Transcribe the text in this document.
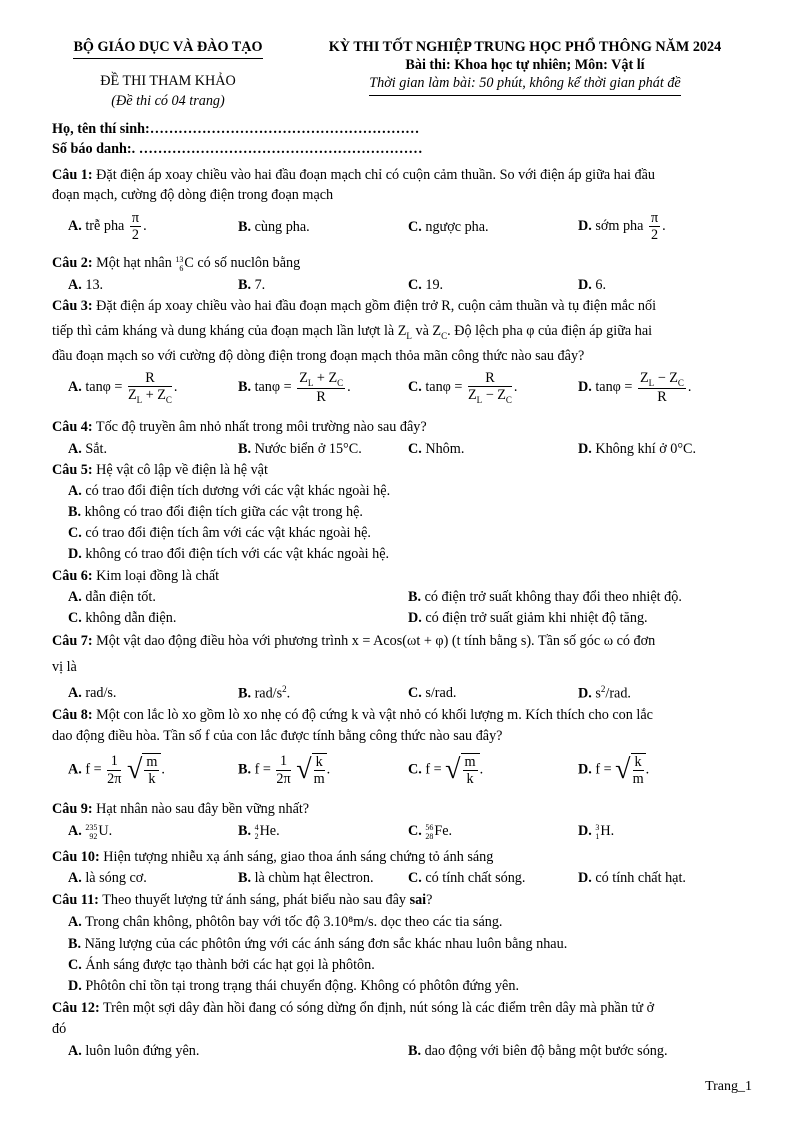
BỘ GIÁO DỤC VÀ ĐÀO TẠO
ĐỀ THI THAM KHẢO
(Đề thi có 04 trang)
KỲ THI TỐT NGHIỆP TRUNG HỌC PHỔ THÔNG NĂM 2024
Bài thi: Khoa học tự nhiên; Môn: Vật lí
Thời gian làm bài: 50 phút, không kể thời gian phát đề
Họ, tên thí sinh:…………………………………………………
Số báo danh:. ……………………………………………………
Câu 1: Đặt điện áp xoay chiều vào hai đầu đoạn mạch chỉ có cuộn cảm thuần. So với điện áp giữa hai đầu
đoạn mạch, cường độ dòng điện trong đoạn mạch
A. trễ pha $\frac{\pi}{2}$ .	B. cùng pha.	C. ngược pha.	D. sớm pha $\frac{\pi}{2}$ .
Câu 2: Một hạt nhân 13
6 C có số nuclôn bằng
A. 13.	B. 7.	C. 19.	D. 6.
Câu 3: Đặt điện áp xoay chiều vào hai đầu đoạn mạch gồm điện trở R, cuộn cảm thuần và tụ điện mắc nối
tiếp thì cảm kháng và dung kháng của đoạn mạch lần lượt là $Z_L$ và $Z_C$. Độ lệch pha φ của điện áp giữa hai
đầu đoạn mạch so với cường độ dòng điện trong đoạn mạch thỏa mãn công thức nào sau đây?
A. $\tan\varphi = \frac{R}{Z_L + Z_C}$ .	B. $\tan\varphi = \frac{Z_L + Z_C}{R}$ .	C. $\tan\varphi = \frac{R}{Z_L - Z_C}$ .	D. $\tan\varphi = \frac{Z_L - Z_C}{R}$ .
Câu 4: Tốc độ truyền âm nhỏ nhất trong môi trường nào sau đây?
A. Sắt.	B. Nước biển ở 15°C.	C. Nhôm.	D. Không khí ở 0°C.
Câu 5: Hệ vật cô lập về điện là hệ vật
A. có trao đổi điện tích dương với các vật khác ngoài hệ.
B. không có trao đổi điện tích giữa các vật trong hệ.
C. có trao đổi điện tích âm với các vật khác ngoài hệ.
D. không có trao đổi điện tích với các vật khác ngoài hệ.
Câu 6: Kim loại đồng là chất
A. dẫn điện tốt.	B. có điện trở suất không thay đổi theo nhiệt độ.
C. không dẫn điện.	D. có điện trở suất giảm khi nhiệt độ tăng.
Câu 7: Một vật dao động điều hòa với phương trình x = Acos(ωt + φ) (t tính bằng s). Tần số góc ω có đơn
vị là
A. rad/s.	B. rad/$s^2$.	C. s/rad.	D. $s^2$/rad.
Câu 8: Một con lắc lò xo gồm lò xo nhẹ có độ cứng k và vật nhỏ có khối lượng m. Kích thích cho con lắc
dao động điều hòa. Tần số f của con lắc được tính bằng công thức nào sau đây?
A. $f = \frac{1}{2\pi}$ √ $\frac{m}{k}$ .	B. $f = \frac{1}{2\pi}$ √ $\frac{k}{m}$ .	C. f = √ $\frac{m}{k}$ .	D. f = √ $\frac{k}{m}$ .
Câu 9: Hạt nhân nào sau đây bền vững nhất?
A. 235
92 U.	B. 4
2 He.	C. 56
28 Fe.	D. 3
1 H.
Câu 10: Hiện tượng nhiễu xạ ánh sáng, giao thoa ánh sáng chứng tỏ ánh sáng
A. là sóng cơ.	B. là chùm hạt êlectron. C. có tính chất sóng.	D. có tính chất hạt.
Câu 11: Theo thuyết lượng tử ánh sáng, phát biểu nào sau đây sai?
A. Trong chân không, phôtôn bay với tốc độ 3.10⁸m/s. dọc theo các tia sáng.
B. Năng lượng của các phôtôn ứng với các ánh sáng đơn sắc khác nhau luôn bằng nhau.
C. Ánh sáng được tạo thành bởi các hạt gọi là phôtôn.
D. Phôtôn chỉ tồn tại trong trạng thái chuyển động. Không có phôtôn đứng yên.
Câu 12: Trên một sợi dây đàn hồi đang có sóng dừng ổn định, nút sóng là các điểm trên dây mà phần tử ở
đó
A. luôn luôn đứng yên.	B. dao động với biên độ bằng một bước sóng.
Trang_1
